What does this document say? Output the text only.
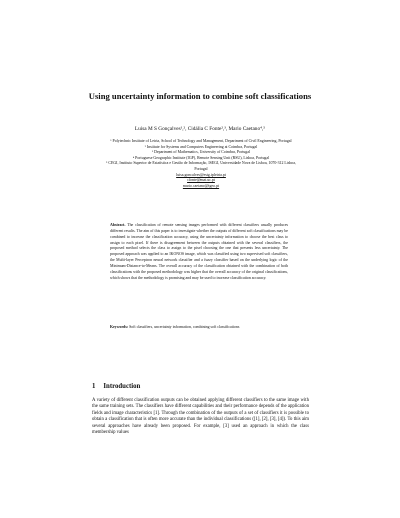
Using uncertainty information to combine soft classifications
Luisa M S Gonçalves¹,², Cidália C Fonte²,³, Mario Caetano⁴,⁵
¹ Polytechnic Institute of Leiria, School of Technology and Management, Department of Civil Engineering, Portugal
² Institute for Systems and Computers Engineering at Coimbra, Portugal
³ Department of Mathematics, University of Coimbra, Portugal
⁴ Portuguese Geographic Institute (IGP), Remote Sensing Unit (RSU), Lisboa, Portugal
⁵ CEGI, Instituto Superior de Estatística e Gestão de Informação, ISEGI, Universidade Nova de Lisboa, 1070-312 Lisboa, Portugal
luisa.goncalves@estg.ipleiria.pt
cfonte@mat.uc.pt
mario.caetano@igeo.pt
Abstract. The classification of remote sensing images performed with different classifiers usually produces different results. The aim of this paper is to investigate whether the outputs of different soft classifications may be combined to increase the classification accuracy, using the uncertainty information to choose the best class to assign to each pixel. If there is disagreement between the outputs obtained with the several classifiers, the proposed method selects the class to assign to the pixel choosing the one that presents less uncertainty. The proposed approach was applied to an IKONOS image, which was classified using two supervised soft classifiers, the Multi-layer Perceptron neural network classifier and a fuzzy classifier based on the underlying logic of the Minimum-Distance-to-Means. The overall accuracy of the classification obtained with the combination of both classifications with the proposed methodology was higher that the overall accuracy of the original classifications, which shows that the methodology is promising and may be used to increase classification accuracy.
Keywords: Soft classifiers, uncertainty information, combining soft classifications
1 Introduction
A variety of different classification outputs can be obtained applying different classifiers to the same image with the same training sets. The classifiers have different capabilities and their performance depends of the application fields and image characteristics [1]. Through the combination of the outputs of a set of classifiers it is possible to obtain a classification that is often more accurate than the individual classifications ([1], [2], [3], [4]). To this aim several approaches have already been proposed. For example, [3] used an approach in which the class membership values
